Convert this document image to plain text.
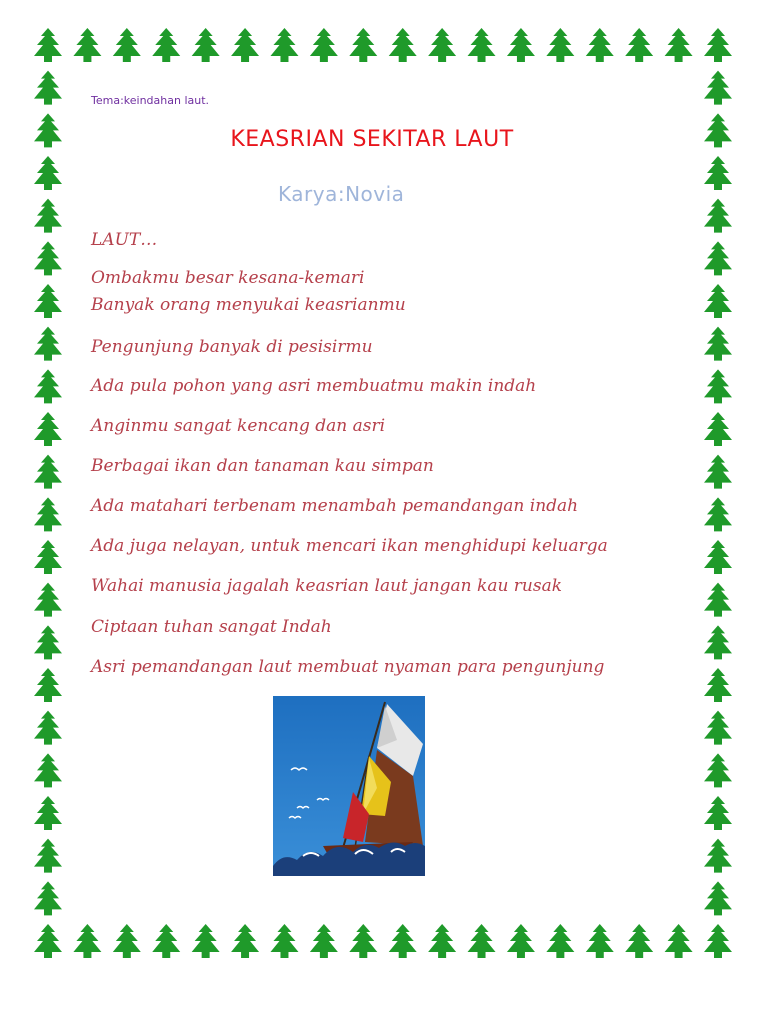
Tema:keindahan laut.
KEASRIAN SEKITAR LAUT
Karya:Novia
LAUT…
Ombakmu besar kesana-kemari
Banyak orang menyukai keasrianmu
Pengunjung banyak di pesisirmu
Ada pula pohon yang asri membuatmu makin indah
Anginmu sangat kencang dan asri
Berbagai ikan dan tanaman kau simpan
Ada matahari terbenam menambah pemandangan indah
Ada juga nelayan, untuk mencari ikan menghidupi keluarga
Wahai manusia jagalah keasrian laut jangan kau rusak
Ciptaan tuhan sangat Indah
Asri pemandangan laut membuat nyaman para pengunjung
